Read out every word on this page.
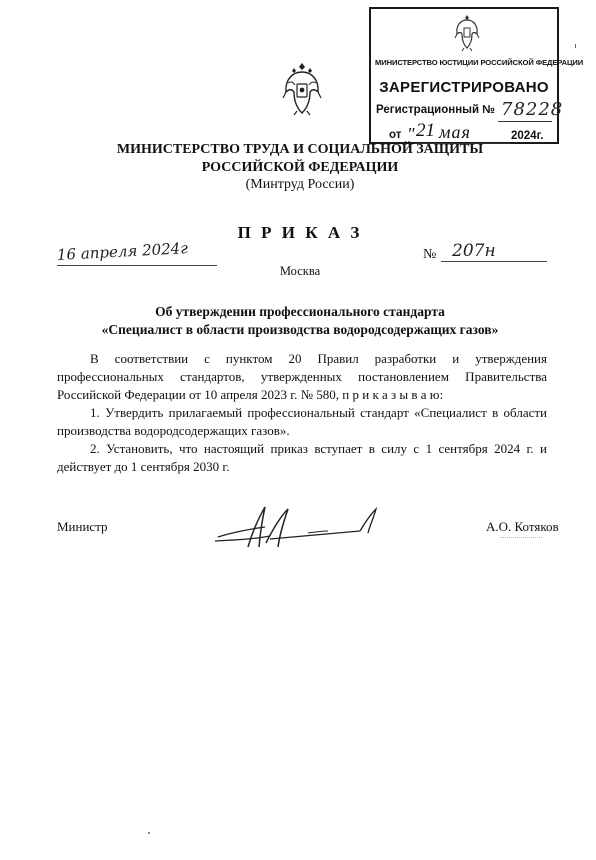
МИНИСТЕРСТВО ЮСТИЦИИ РОССИЙСКОЙ ФЕДЕРАЦИИ
ЗАРЕГИСТРИРОВАНО
Регистрационный № 78228
от " 21 мая	2024г.
МИНИСТЕРСТВО ТРУДА И СОЦИАЛЬНОЙ ЗАЩИТЫ
РОССИЙСКОЙ ФЕДЕРАЦИИ
(Минтруд России)
П Р И К А З
16 апреля 2024г	№ 207н
Москва
Об утверждении профессионального стандарта
«Специалист в области производства водородсодержащих газов»

В соответствии с пунктом 20 Правил разработки и утверждения профессиональных стандартов, утвержденных постановлением Правительства Российской Федерации от 10 апреля 2023 г. № 580, п р и к а з ы в а ю:

1. Утвердить прилагаемый профессиональный стандарт «Специалист в области производства водородсодержащих газов».

2. Установить, что настоящий приказ вступает в силу с 1 сентября 2024 г. и действует до 1 сентября 2030 г.

Министр	А.О. Котяков
